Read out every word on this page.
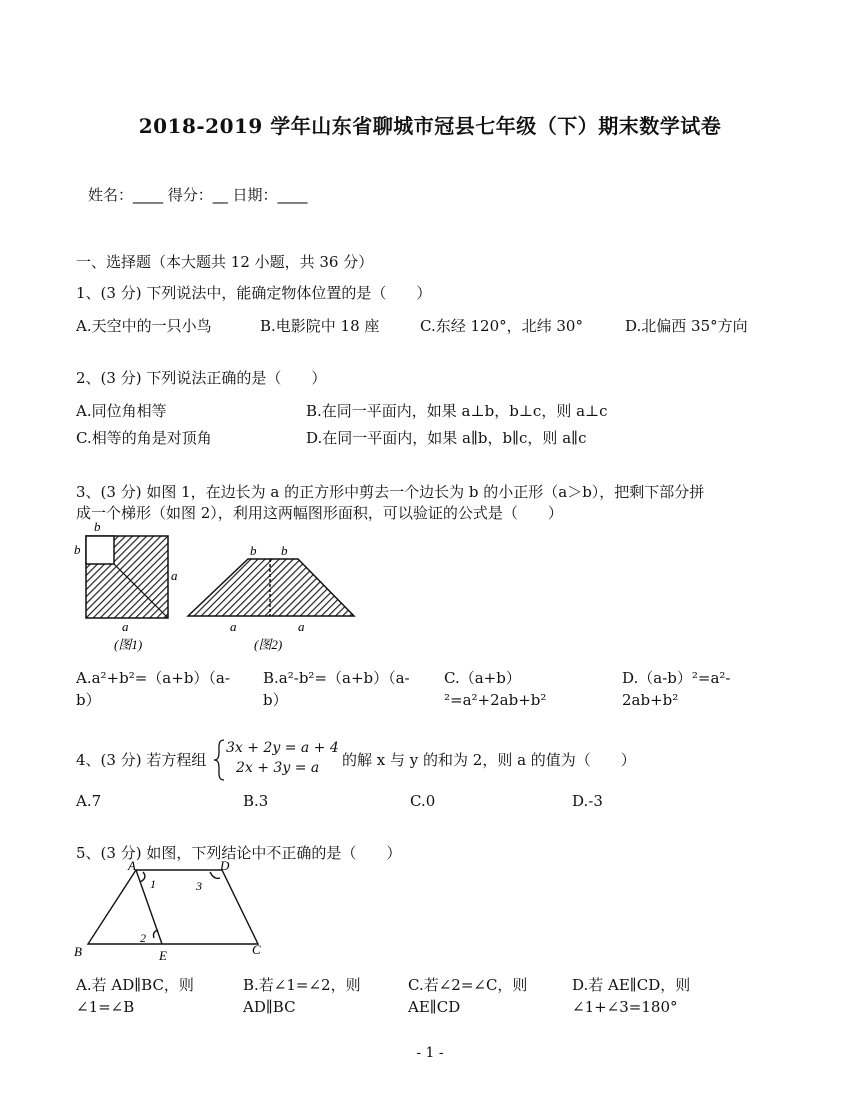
2018-2019 学年山东省聊城市冠县七年级（下）期末数学试卷
姓名：____ 得分：__ 日期：____
一、选择题（本大题共 12 小题，共 36 分）
1、(3 分) 下列说法中，能确定物体位置的是（　　）
A.天空中的一只小鸟	B.电影院中 18 座	C.东经 120°，北纬 30°	D.北偏西 35°方向
2、(3 分) 下列说法正确的是（　　）
A.同位角相等	B.在同一平面内，如果 a⊥b，b⊥c，则 a⊥c
C.相等的角是对顶角	D.在同一平面内，如果 a∥b，b∥c，则 a∥c
3、(3 分) 如图 1，在边长为 a 的正方形中剪去一个边长为 b 的小正形（a＞b），把剩下部分拼
成一个梯形（如图 2），利用这两幅图形面积，可以验证的公式是（　　）
b
b
a
a
(图1)
b b
a	a
(图2)
A.a²+b²=（a+b）（a-
b）
B.a²-b²=（a+b）（a-
b）
C.（a+b）
²=a²+2ab+b²
D.（a-b）²=a²-
2ab+b²
4、(3 分) 若方程组
3x + 2y = a + 4
2x + 3y = a 的解 x 与 y 的和为 2，则 a 的值为（　　）
A.7	B.3	C.0	D.-3
5、(3 分) 如图，下列结论中不正确的是（　　）
A	D
B	E	C
1
2
3
A.若 AD∥BC，则
∠1=∠B
B.若∠1=∠2，则
AD∥BC
C.若∠2=∠C，则
AE∥CD
D.若 AE∥CD，则
∠1+∠3=180°
- 1 -
